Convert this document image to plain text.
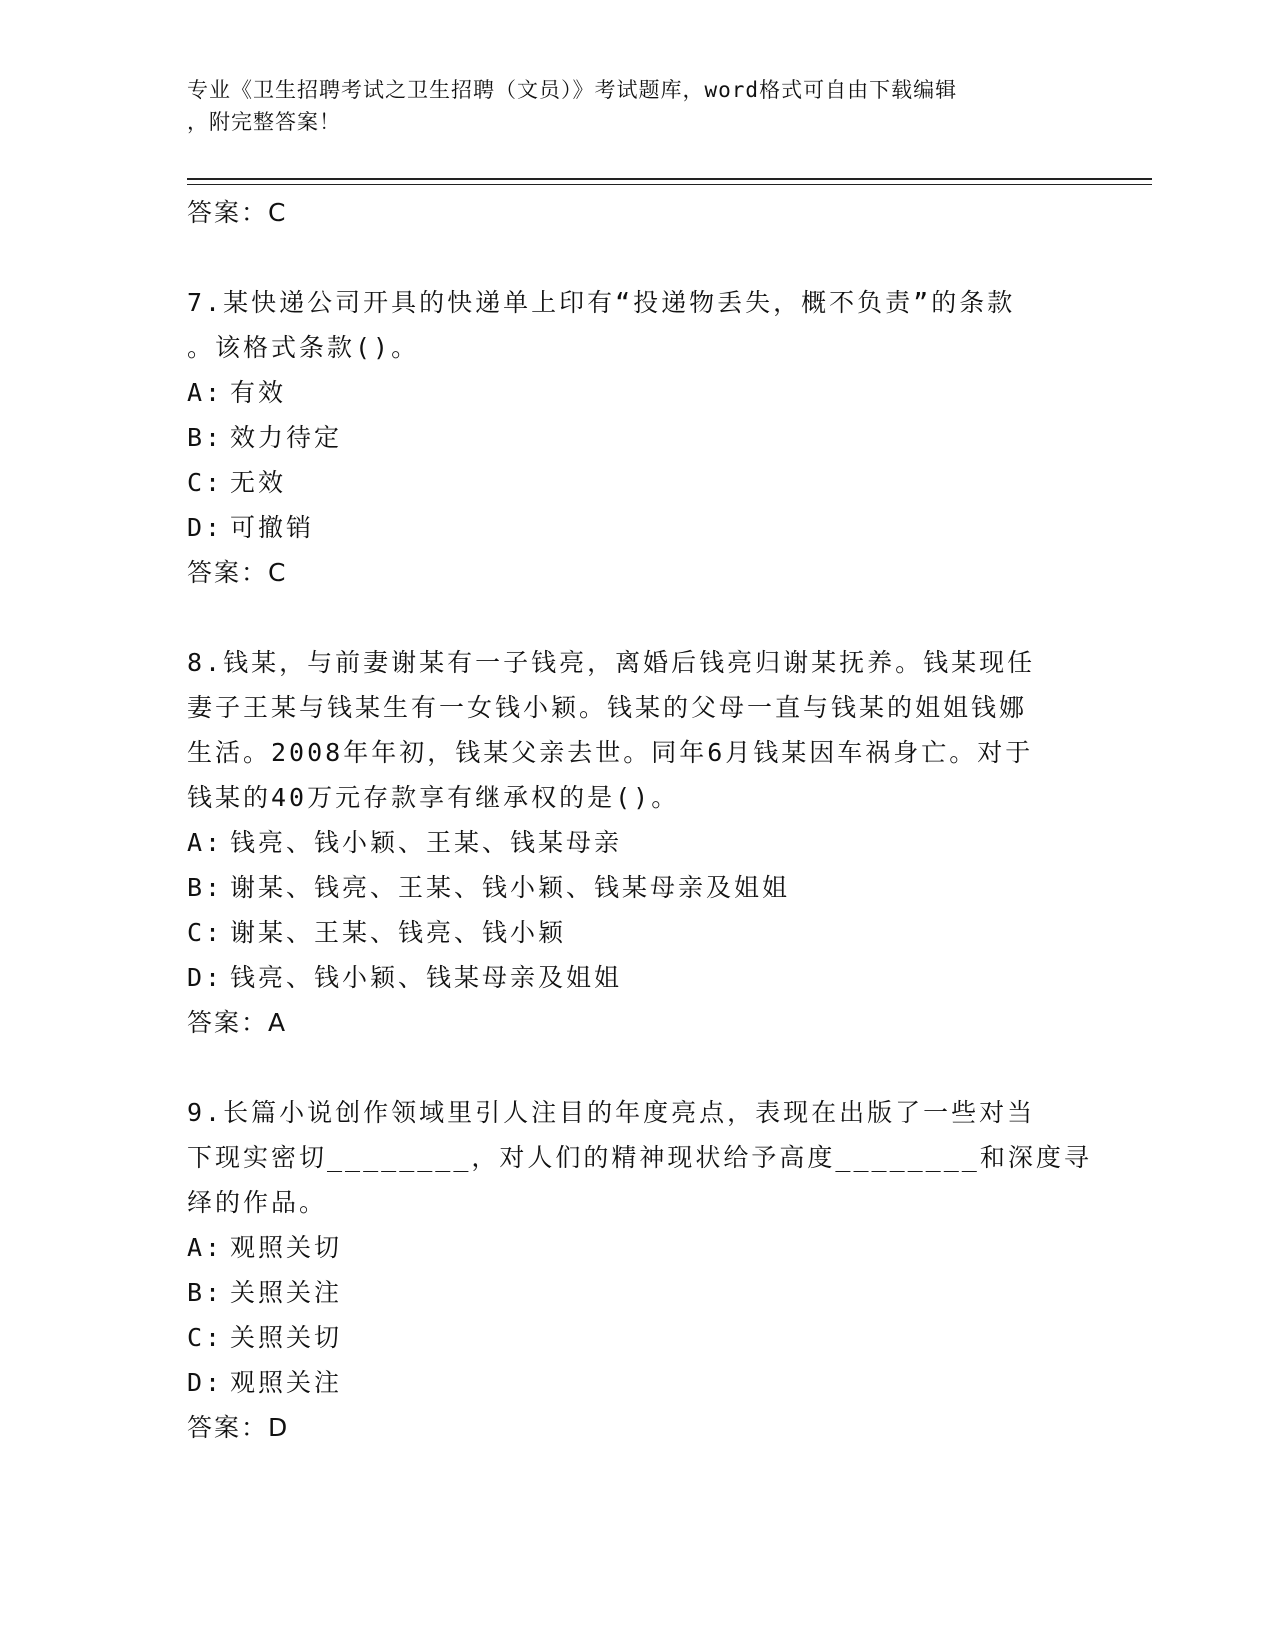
专业《卫生招聘考试之卫生招聘（文员）》考试题库，word格式可自由下载编辑
，附完整答案！
答案：C
7.某快递公司开具的快递单上印有“投递物丢失，概不负责”的条款
。该格式条款()。
A: 有效
B: 效力待定
C: 无效
D: 可撤销
答案：C
8.钱某，与前妻谢某有一子钱亮，离婚后钱亮归谢某抚养。钱某现任
妻子王某与钱某生有一女钱小颖。钱某的父母一直与钱某的姐姐钱娜
生活。2008年年初，钱某父亲去世。同年6月钱某因车祸身亡。对于
钱某的40万元存款享有继承权的是()。
A: 钱亮、钱小颖、王某、钱某母亲
B: 谢某、钱亮、王某、钱小颖、钱某母亲及姐姐
C: 谢某、王某、钱亮、钱小颖
D: 钱亮、钱小颖、钱某母亲及姐姐
答案：A
9.长篇小说创作领域里引人注目的年度亮点，表现在出版了一些对当
下现实密切________，对人们的精神现状给予高度________和深度寻
绎的作品。
A: 观照关切
B: 关照关注
C: 关照关切
D: 观照关注
答案：D
